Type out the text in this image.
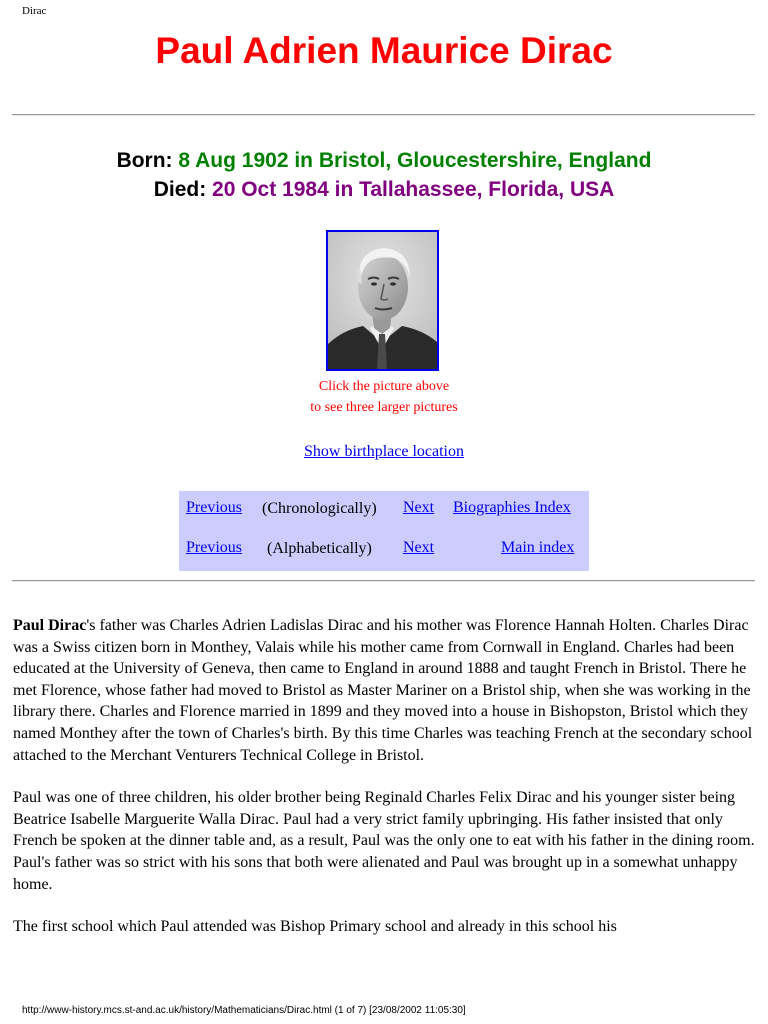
Dirac
Paul Adrien Maurice Dirac
Born: 8 Aug 1902 in Bristol, Gloucestershire, England
Died: 20 Oct 1984 in Tallahassee, Florida, USA
Click the picture above
to see three larger pictures
Show birthplace location
Previous (Chronologically) Next Biographies Index
Previous (Alphabetically) Next	Main index

Paul Dirac's father was Charles Adrien Ladislas Dirac and his mother was Florence Hannah Holten. Charles Dirac was a Swiss citizen born in Monthey, Valais while his mother came from Cornwall in England. Charles had been educated at the University of Geneva, then came to England in around 1888 and taught French in Bristol. There he met Florence, whose father had moved to Bristol as Master Mariner on a Bristol ship, when she was working in the library there. Charles and Florence married in 1899 and they moved into a house in Bishopston, Bristol which they named Monthey after the town of Charles's birth. By this time Charles was teaching French at the secondary school attached to the Merchant Venturers Technical College in Bristol.

Paul was one of three children, his older brother being Reginald Charles Felix Dirac and his younger sister being Beatrice Isabelle Marguerite Walla Dirac. Paul had a very strict family upbringing. His father insisted that only French be spoken at the dinner table and, as a result, Paul was the only one to eat with his father in the dining room. Paul's father was so strict with his sons that both were alienated and Paul was brought up in a somewhat unhappy home.

The first school which Paul attended was Bishop Primary school and already in this school his

http://www-history.mcs.st-and.ac.uk/history/Mathematicians/Dirac.html (1 of 7) [23/08/2002 11:05:30]
